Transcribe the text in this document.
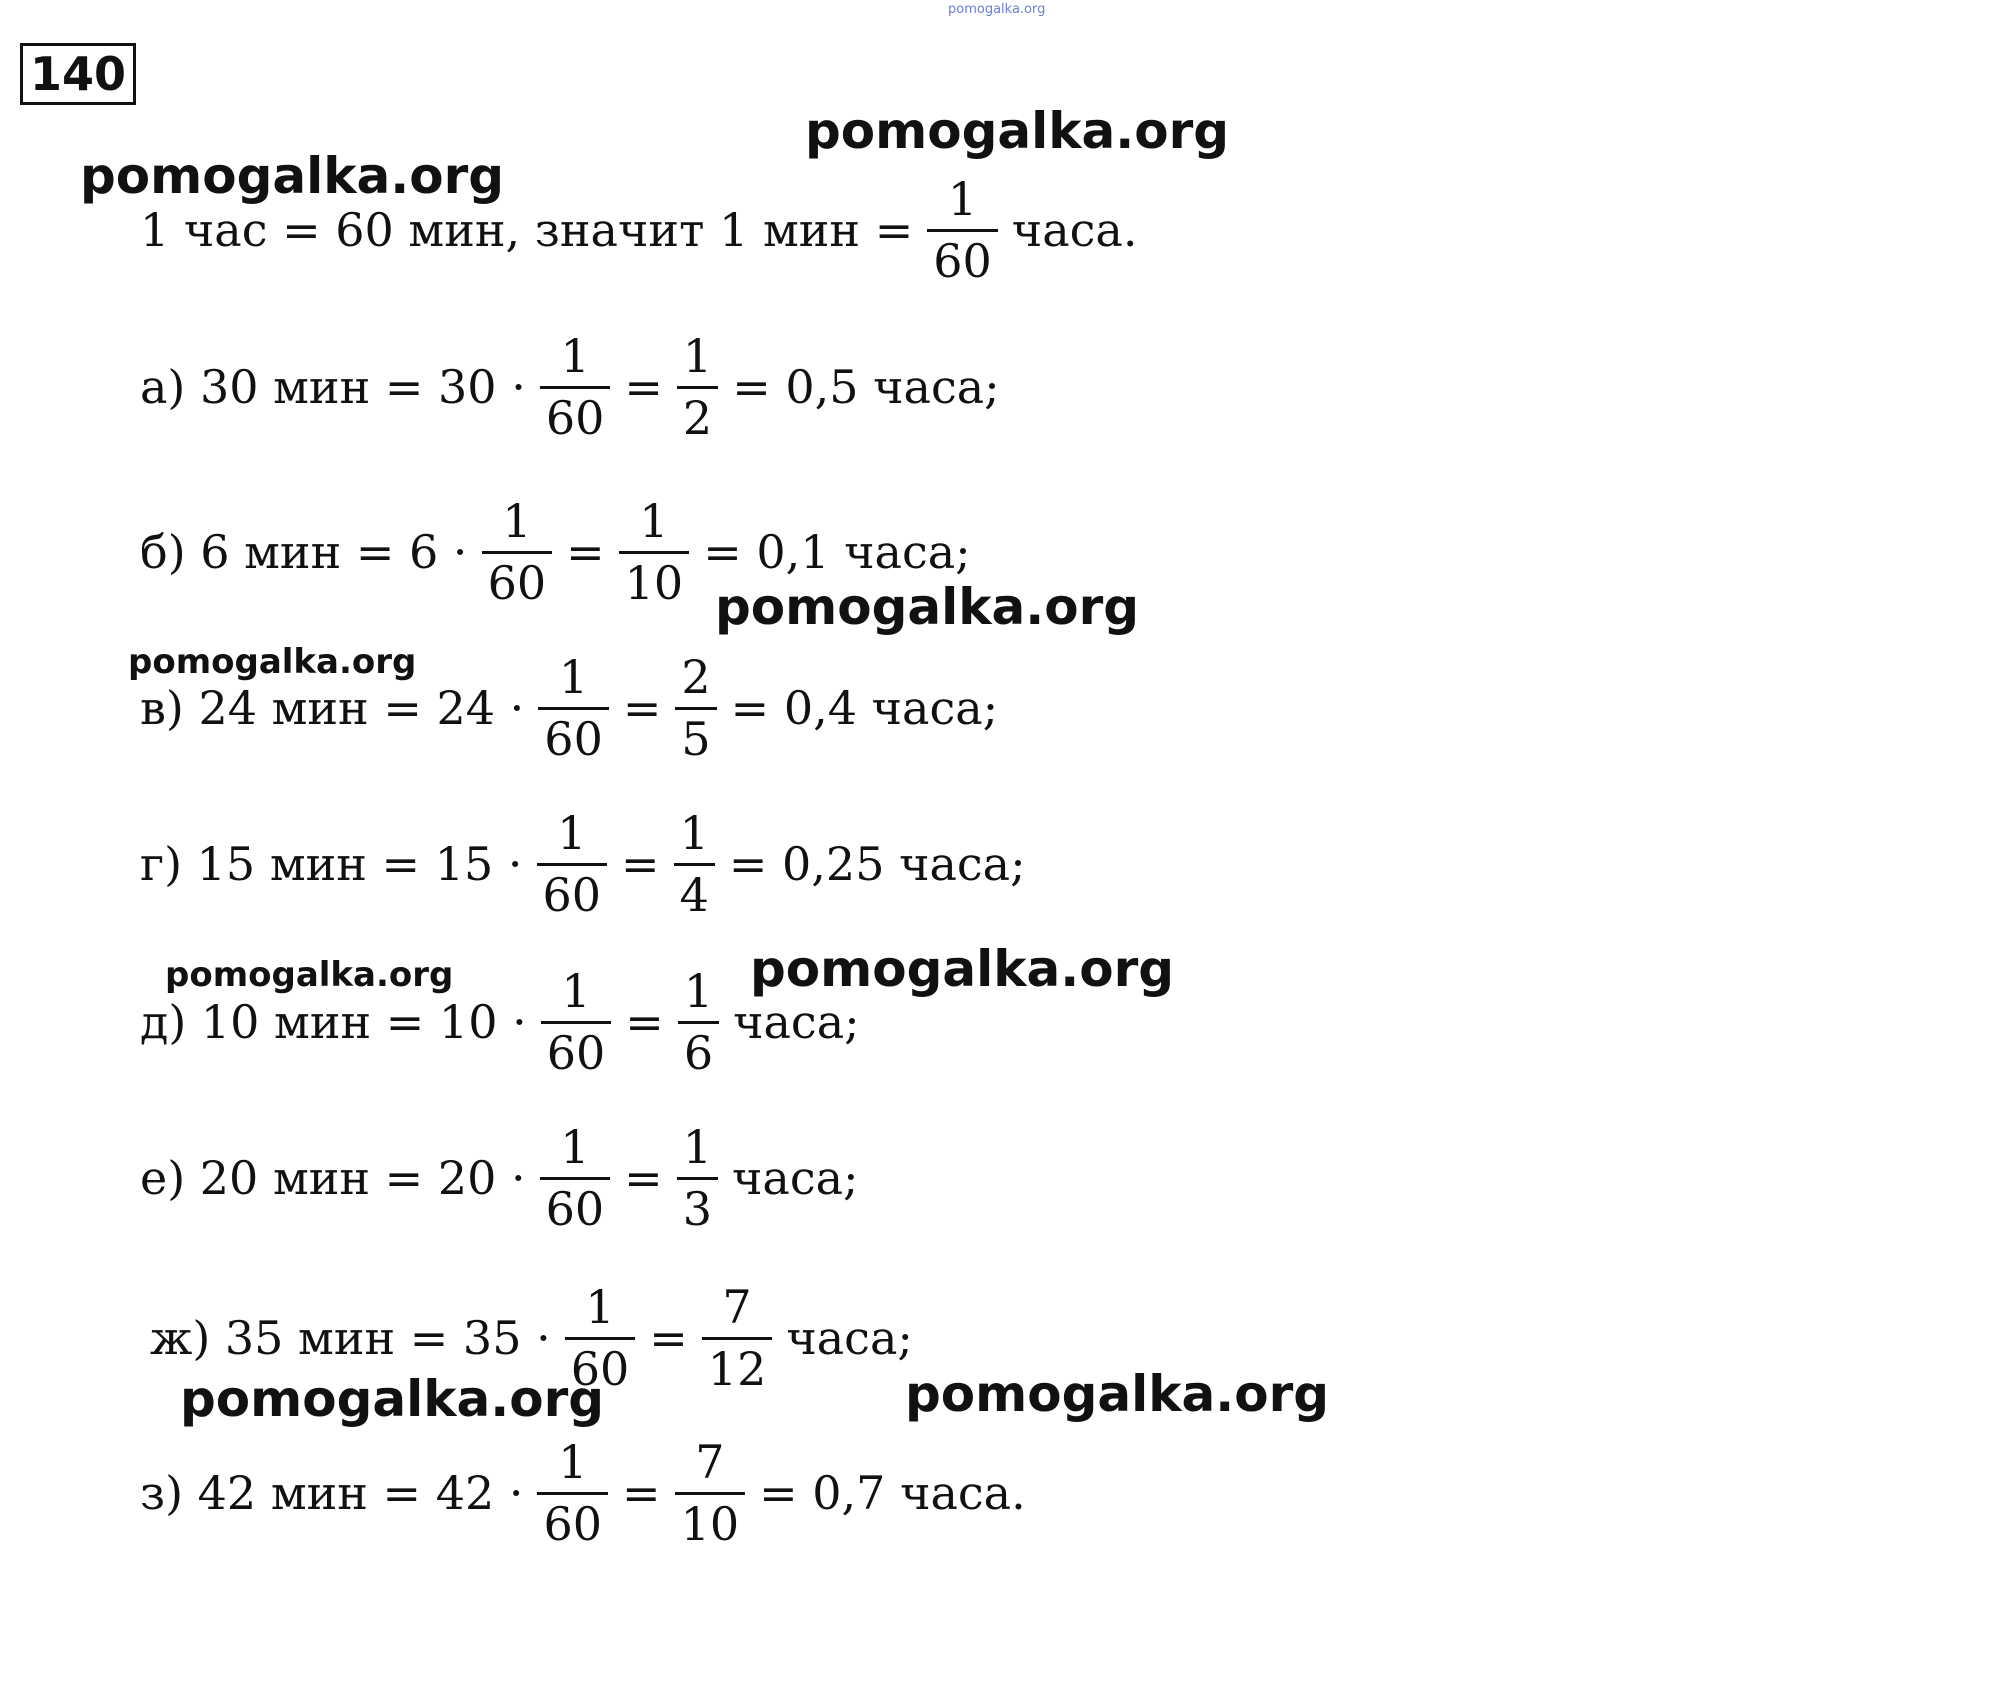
pomogalka.org
140
pomogalka.org
pomogalka.org
pomogalka.org
pomogalka.org
pomogalka.org	pomogalka.org
pomogalka.org	pomogalka.org
1 час = 60 мин, значит 1 мин = $\frac{1}{60}$ часа.
а) 30 мин = $30 \cdot \frac{1}{60} = \frac{1}{2} = 0,5$ часа;
б) 6 мин = $6 \cdot \frac{1}{60} = \frac{1}{10} = 0,1$ часа;
в) 24 мин = $24 \cdot \frac{1}{60} = \frac{2}{5} = 0,4$ часа;
г) 15 мин = $15 \cdot \frac{1}{60} = \frac{1}{4} = 0,25$ часа;
д) 10 мин = $10 \cdot \frac{1}{60} = \frac{1}{6}$ часа;
е) 20 мин = $20 \cdot \frac{1}{60} = \frac{1}{3}$ часа;
ж) 35 мин = $35 \cdot \frac{1}{60} = \frac{7}{12}$ часа;
з) 42 мин = $42 \cdot \frac{1}{60} = \frac{7}{10} = 0,7$ часа.
